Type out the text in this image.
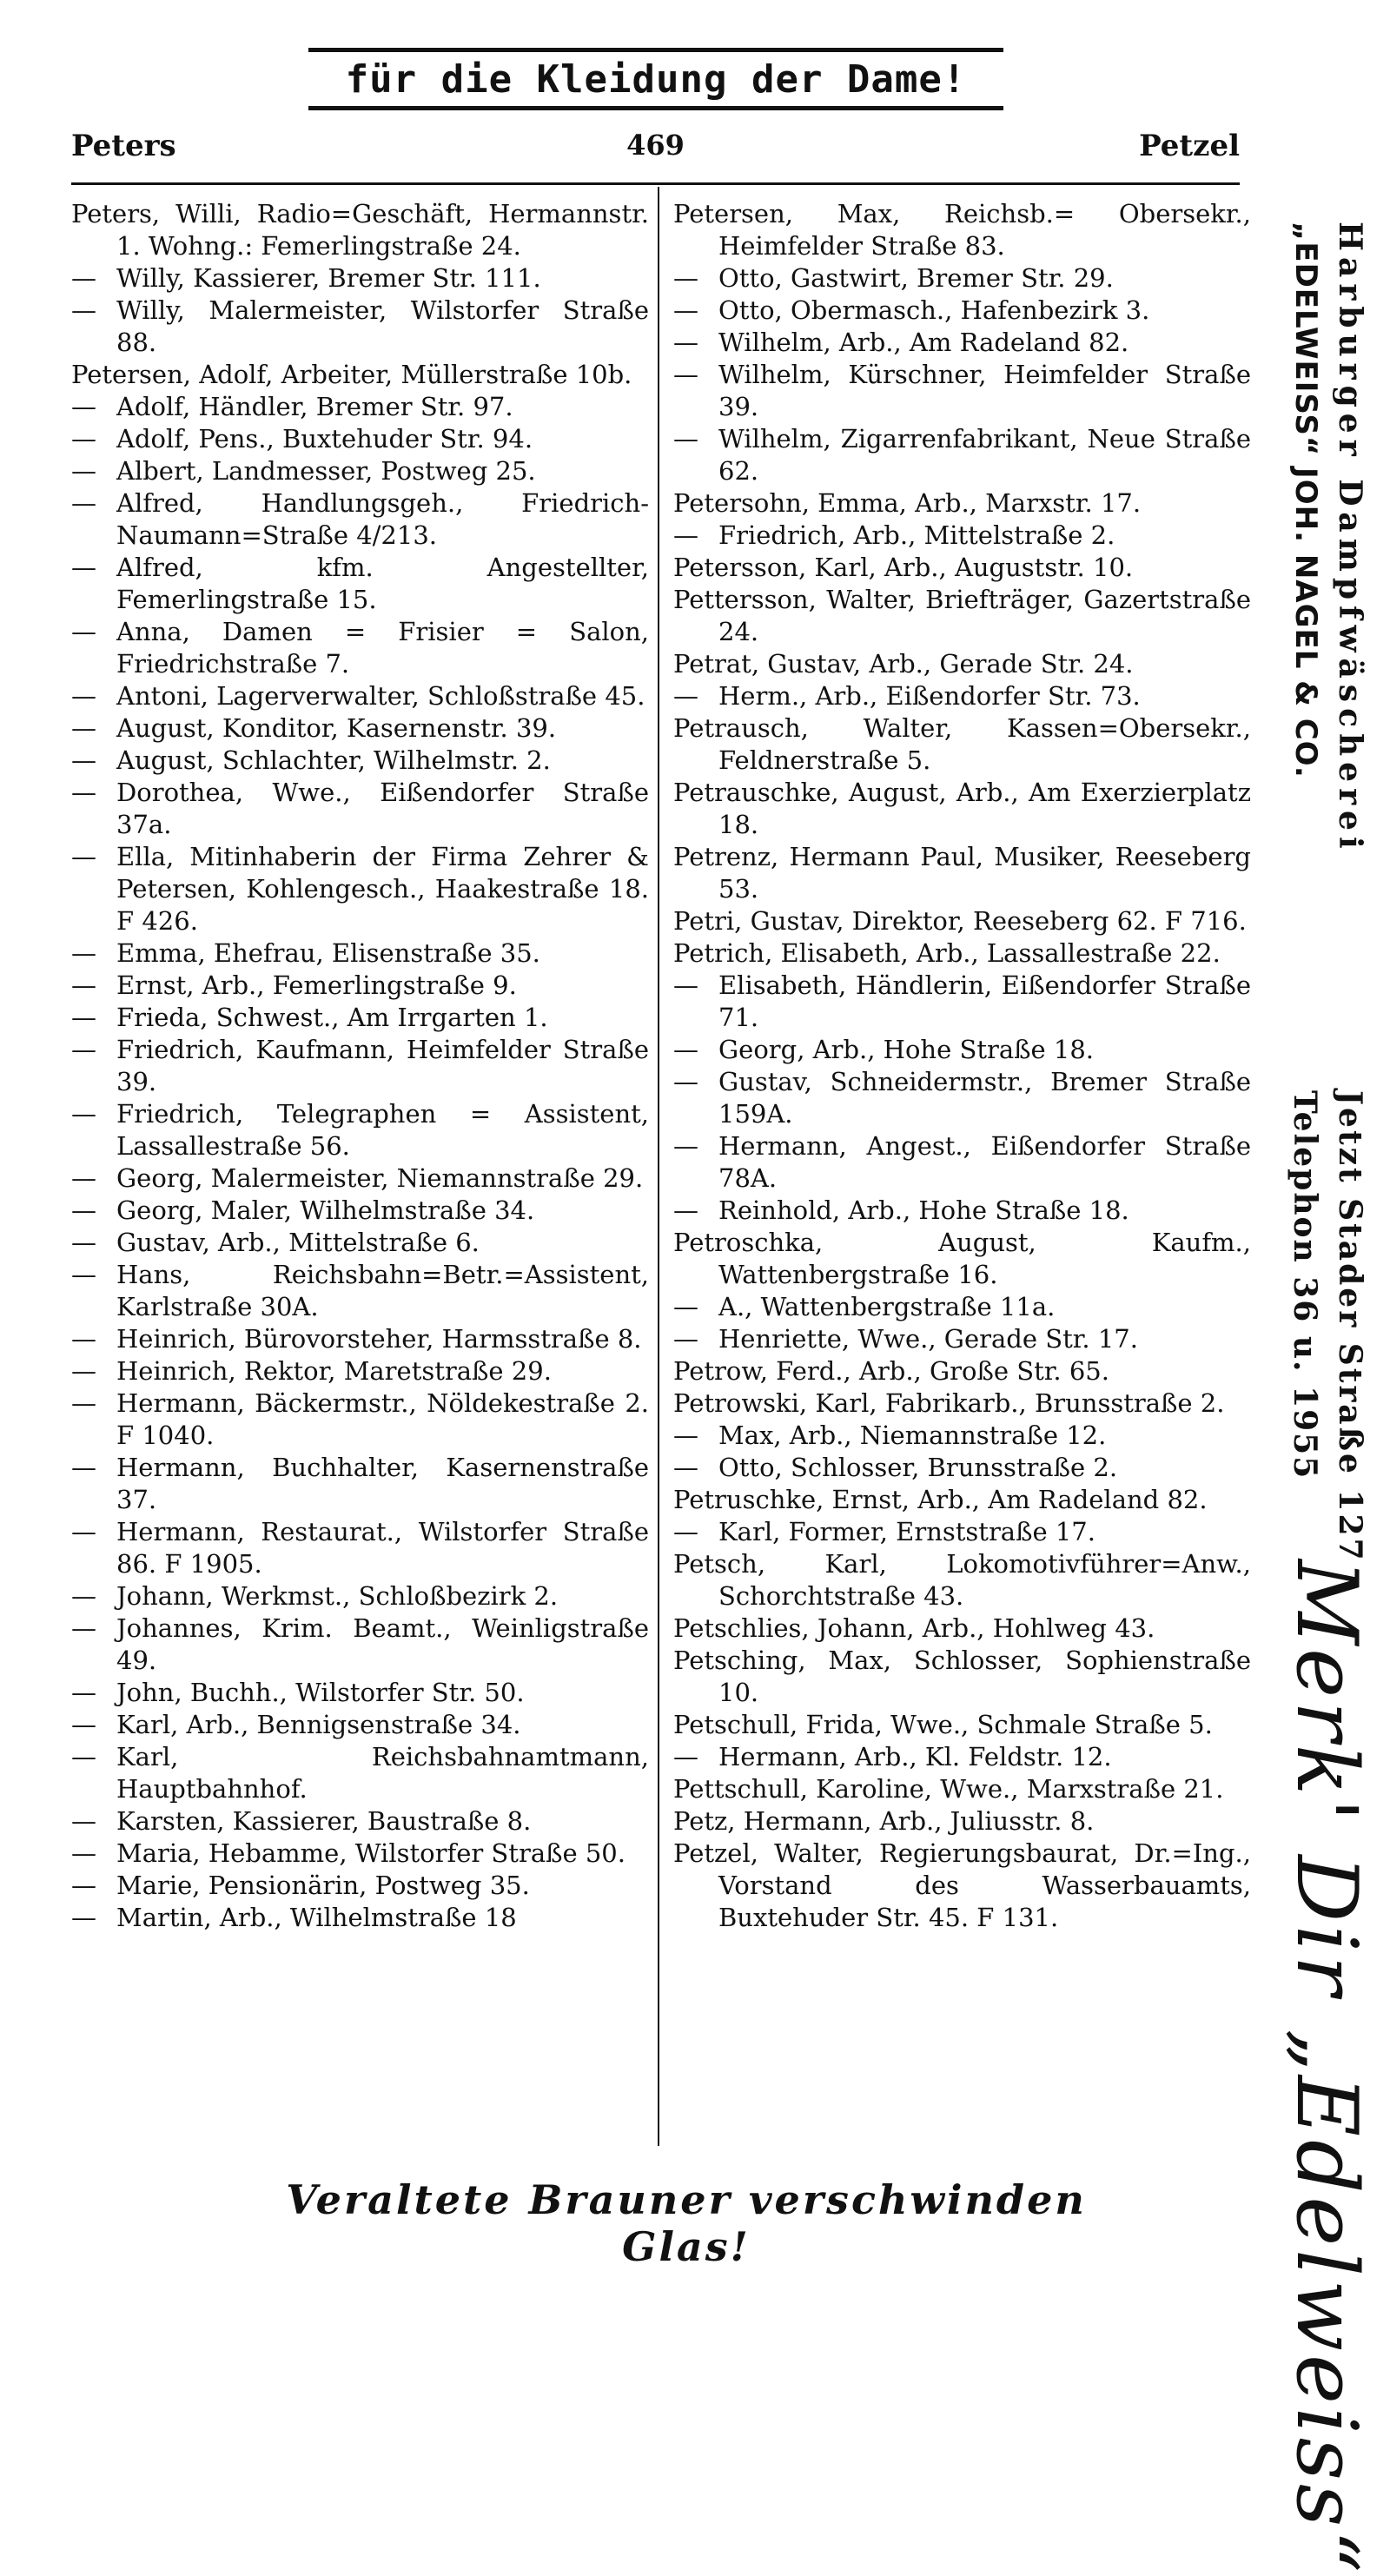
für die Kleidung der Dame!
Peters	469	Petzel

Peters, Willi, Radio=Geschäft, Hermannstr. 1. Wohng.: Femerlingstraße 24.

— Willy, Kassierer, Bremer Str. 111.

— Willy, Malermeister, Wilstorfer Straße 88.

Petersen, Adolf, Arbeiter, Müllerstraße 10b.

— Adolf, Händler, Bremer Str. 97.

— Adolf, Pens., Buxtehuder Str. 94.

— Albert, Landmesser, Postweg 25.

— Alfred, Handlungsgeh., Friedrich-Naumann=Straße 4/213.

— Alfred, kfm. Angestellter, Femerlingstraße 15.

— Anna, Damen = Frisier = Salon, Friedrichstraße 7.

— Antoni, Lagerverwalter, Schloßstraße 45.

— August, Konditor, Kasernenstr. 39.

— August, Schlachter, Wilhelmstr. 2.

— Dorothea, Wwe., Eißendorfer Straße 37a.

— Ella, Mitinhaberin der Firma Zehrer & Petersen, Kohlengesch., Haakestraße 18. F 426.

— Emma, Ehefrau, Elisenstraße 35.

— Ernst, Arb., Femerlingstraße 9.

— Frieda, Schwest., Am Irrgarten 1.

— Friedrich, Kaufmann, Heimfelder Straße 39.

— Friedrich, Telegraphen = Assistent, Lassallestraße 56.

— Georg, Malermeister, Niemannstraße 29.

— Georg, Maler, Wilhelmstraße 34.

— Gustav, Arb., Mittelstraße 6.

— Hans, Reichsbahn=Betr.=Assistent, Karlstraße 30A.

— Heinrich, Bürovorsteher, Harmsstraße 8.

— Heinrich, Rektor, Maretstraße 29.

— Hermann, Bäckermstr., Nöldekestraße 2. F 1040.

— Hermann, Buchhalter, Kasernenstraße 37.

— Hermann, Restaurat., Wilstorfer Straße 86. F 1905.

— Johann, Werkmst., Schloßbezirk 2.

— Johannes, Krim. Beamt., Weinligstraße 49.

— John, Buchh., Wilstorfer Str. 50.

— Karl, Arb., Bennigsenstraße 34.

— Karl, Reichsbahnamtmann, Hauptbahnhof.

— Karsten, Kassierer, Baustraße 8.

— Maria, Hebamme, Wilstorfer Straße 50.

— Marie, Pensionärin, Postweg 35.

— Martin, Arb., Wilhelmstraße 18

Petersen, Max, Reichsb.= Obersekr., Heimfelder Straße 83.

— Otto, Gastwirt, Bremer Str. 29.

— Otto, Obermasch., Hafenbezirk 3.

— Wilhelm, Arb., Am Radeland 82.

— Wilhelm, Kürschner, Heimfelder Straße 39.

— Wilhelm, Zigarrenfabrikant, Neue Straße 62.

Petersohn, Emma, Arb., Marxstr. 17.

— Friedrich, Arb., Mittelstraße 2.

Petersson, Karl, Arb., Auguststr. 10.

Pettersson, Walter, Briefträger, Gazertstraße 24.

Petrat, Gustav, Arb., Gerade Str. 24.

— Herm., Arb., Eißendorfer Str. 73.

Petrausch, Walter, Kassen=Obersekr., Feldnerstraße 5.

Petrauschke, August, Arb., Am Exerzierplatz 18.

Petrenz, Hermann Paul, Musiker, Reeseberg 53.

Petri, Gustav, Direktor, Reeseberg 62. F 716.

Petrich, Elisabeth, Arb., Lassallestraße 22.

— Elisabeth, Händlerin, Eißendorfer Straße 71.

— Georg, Arb., Hohe Straße 18.

— Gustav, Schneidermstr., Bremer Straße 159A.

— Hermann, Angest., Eißendorfer Straße 78A.

— Reinhold, Arb., Hohe Straße 18.

Petroschka, August, Kaufm., Wattenbergstraße 16.

— A., Wattenbergstraße 11a.

— Henriette, Wwe., Gerade Str. 17.

Petrow, Ferd., Arb., Große Str. 65.

Petrowski, Karl, Fabrikarb., Brunsstraße 2.

— Max, Arb., Niemannstraße 12.

— Otto, Schlosser, Brunsstraße 2.

Petruschke, Ernst, Arb., Am Radeland 82.

— Karl, Former, Ernststraße 17.

Petsch, Karl, Lokomotivführer=Anw., Schorchtstraße 43.

Petschlies, Johann, Arb., Hohlweg 43.

Petsching, Max, Schlosser, Sophienstraße 10.

Petschull, Frida, Wwe., Schmale Straße 5.

— Hermann, Arb., Kl. Feldstr. 12.

Pettschull, Karoline, Wwe., Marxstraße 21.

Petz, Hermann, Arb., Juliusstr. 8.

Petzel, Walter, Regierungsbaurat, Dr.=Ing., Vorstand des Wasserbauamts, Buxtehuder Str. 45. F 131.

Harburger Dampfwäscherei
„EDELWEISS“ JOH. NAGEL & CO.
Jetzt Stader Straße 127
Telephon 36 u. 1955
Merk' Dir „Edelweiss“
Veraltete Brauner verschwinden Glas!
